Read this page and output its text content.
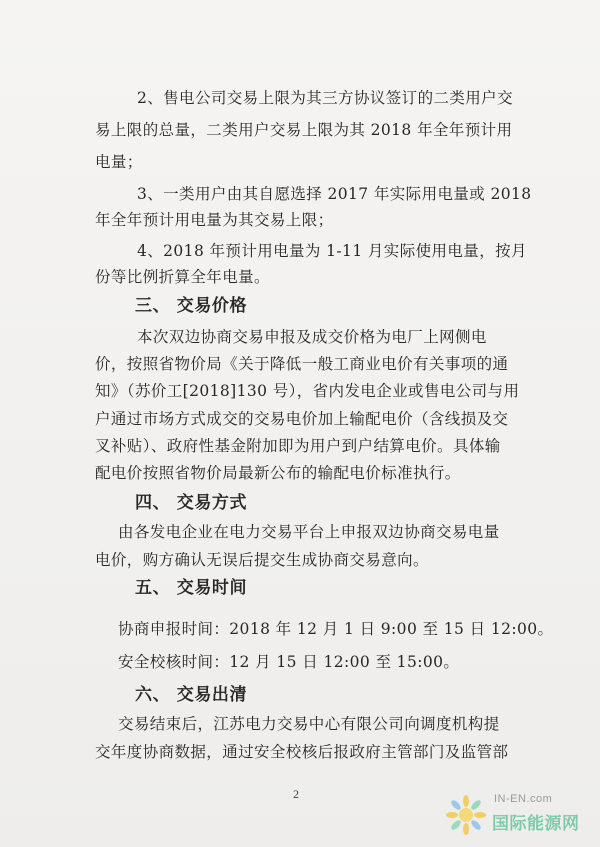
2、售电公司交易上限为其三方协议签订的二类用户交
易上限的总量，二类用户交易上限为其 2018 年全年预计用
电量；
3、一类用户由其自愿选择 2017 年实际用电量或 2018
年全年预计用电量为其交易上限；
4、2018 年预计用电量为 1-11 月实际使用电量，按月
份等比例折算全年电量。
三、 交易价格
本次双边协商交易申报及成交价格为电厂上网侧电
价，按照省物价局《关于降低一般工商业电价有关事项的通
知》（苏价工[2018]130 号），省内发电企业或售电公司与用
户通过市场方式成交的交易电价加上输配电价（含线损及交
叉补贴）、政府性基金附加即为用户到户结算电价。具体输
配电价按照省物价局最新公布的输配电价标准执行。
四、 交易方式
由各发电企业在电力交易平台上申报双边协商交易电量
电价，购方确认无误后提交生成协商交易意向。
五、 交易时间
协商申报时间：2018 年 12 月 1 日 9:00 至 15 日 12:00。
安全校核时间：12 月 15 日 12:00 至 15:00。
六、 交易出清
交易结束后，江苏电力交易中心有限公司向调度机构提
交年度协商数据，通过安全校核后报政府主管部门及监管部
2	IN-EN.com
国际能源网
